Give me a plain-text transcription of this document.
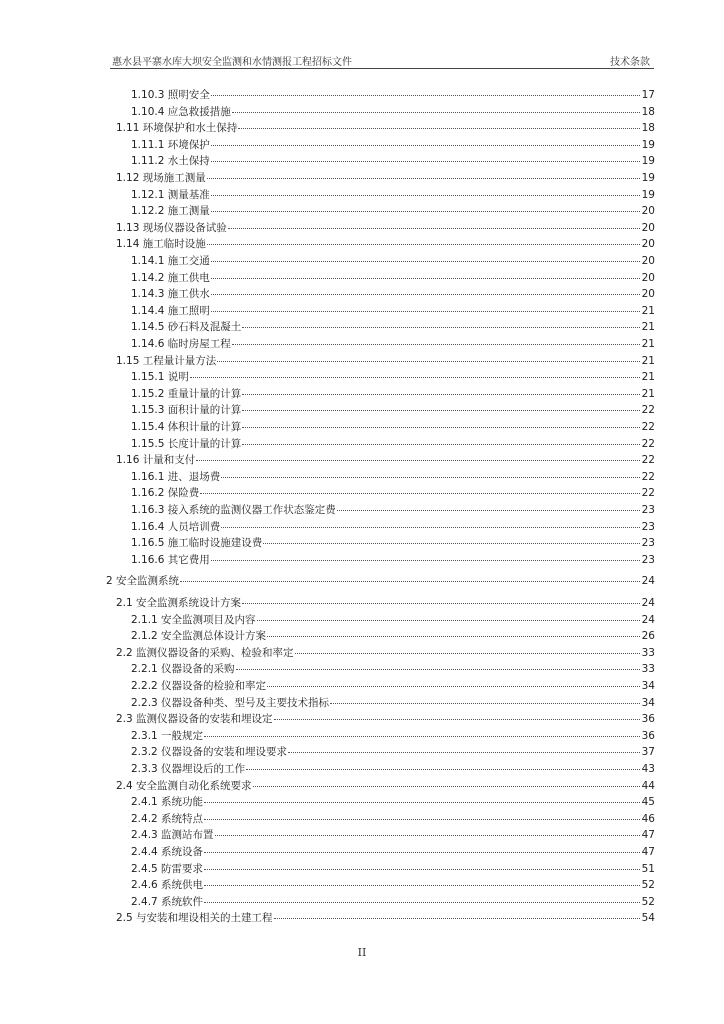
惠水县平寨水库大坝安全监测和水情测报工程招标文件	技术条款
1.10.3 照明安全	17
1.10.4 应急救援措施	18
1.11 环境保护和水土保持	18
1.11.1 环境保护	19
1.11.2 水土保持	19
1.12 现场施工测量	19
1.12.1 测量基准	19
1.12.2 施工测量	20
1.13 现场仪器设备试验	20
1.14 施工临时设施	20
1.14.1 施工交通	20
1.14.2 施工供电	20
1.14.3 施工供水	20
1.14.4 施工照明	21
1.14.5 砂石料及混凝土	21
1.14.6 临时房屋工程	21
1.15 工程量计量方法	21
1.15.1 说明	21
1.15.2 重量计量的计算	21
1.15.3 面积计量的计算	22
1.15.4 体积计量的计算	22
1.15.5 长度计量的计算	22
1.16 计量和支付	22
1.16.1 进、退场费	22
1.16.2 保险费	22
1.16.3 接入系统的监测仪器工作状态鉴定费	23
1.16.4 人员培训费	23
1.16.5 施工临时设施建设费	23
1.16.6 其它费用	23
2 安全监测系统	24
2.1 安全监测系统设计方案	24
2.1.1 安全监测项目及内容	24
2.1.2 安全监测总体设计方案	26
2.2 监测仪器设备的采购、检验和率定	33
2.2.1 仪器设备的采购	33
2.2.2 仪器设备的检验和率定	34
2.2.3 仪器设备种类、型号及主要技术指标	34
2.3 监测仪器设备的安装和埋设定	36
2.3.1 一般规定	36
2.3.2 仪器设备的安装和埋设要求	37
2.3.3 仪器埋设后的工作	43
2.4 安全监测自动化系统要求	44
2.4.1 系统功能	45
2.4.2 系统特点	46
2.4.3 监测站布置	47
2.4.4 系统设备	47
2.4.5 防雷要求	51
2.4.6 系统供电	52
2.4.7 系统软件	52
2.5 与安装和埋设相关的土建工程	54
II
